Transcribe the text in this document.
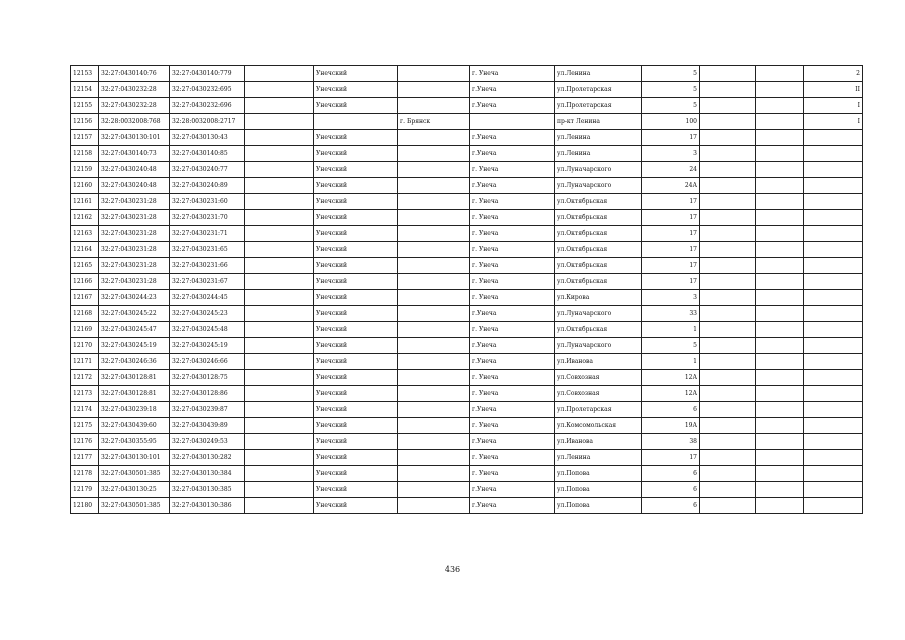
12153	32:27:0430140:76	32:27:0430140:779		Унечский		г. Унеча	ул.Ленина	5			2
12154	32:27:0430232:28	32:27:0430232:695		Унечский		г.Унеча	ул.Пролетарская	5			II
12155	32:27:0430232:28	32:27:0430232:696		Унечский		г.Унеча	ул.Пролетарская	5			I
12156	32:28:0032008:768	32:28:0032008:2717			г. Брянск		пр-кт Ленина	100			I
12157	32:27:0430130:101	32:27:0430130:43		Унечский		г.Унеча	ул.Ленина	17			
12158	32:27:0430140:73	32:27:0430140:85		Унечский		г.Унеча	ул.Ленина	3			
12159	32:27:0430240:48	32:27:0430240:77		Унечский		г. Унеча	ул.Луначарского	24			
12160	32:27:0430240:48	32:27:0430240:89		Унечский		г.Унеча	ул.Луначарского	24А			
12161	32:27:0430231:28	32:27:0430231:60		Унечский		г. Унеча	ул.Октябрьская	17			
12162	32:27:0430231:28	32:27:0430231:70		Унечский		г. Унеча	ул.Октябрьская	17			
12163	32:27:0430231:28	32:27:0430231:71		Унечский		г. Унеча	ул.Октябрьская	17			
12164	32:27:0430231:28	32:27:0430231:65		Унечский		г. Унеча	ул.Октябрьская	17			
12165	32:27:0430231:28	32:27:0430231:66		Унечский		г. Унеча	ул.Октябрьская	17			
12166	32:27:0430231:28	32:27:0430231:67		Унечский		г. Унеча	ул.Октябрьская	17			
12167	32:27:0430244:23	32:27:0430244:45		Унечский		г. Унеча	ул.Кирова	3			
12168	32:27:0430245:22	32:27:0430245:23		Унечский		г.Унеча	ул.Луначарского	33			
12169	32:27:0430245:47	32:27:0430245:48		Унечский		г. Унеча	ул.Октябрьская	1			
12170	32:27:0430245:19	32:27:0430245:19		Унечский		г.Унеча	ул.Луначарского	5			
12171	32:27:0430246:36	32:27:0430246:66		Унечский		г.Унеча	ул.Иванова	1			
12172	32:27:0430128:81	32:27:0430128:75		Унечский		г. Унеча	ул.Совхозная	12А			
12173	32:27:0430128:81	32:27:0430128:86		Унечский		г. Унеча	ул.Совхозная	12А			
12174	32:27:0430239:18	32:27:0430239:87		Унечский		г.Унеча	ул.Пролетарская	6			
12175	32:27:0430439:60	32:27:0430439:89		Унечский		г. Унеча	ул.Комсомольская	19А			
12176	32:27:0430355:95	32:27:0430249:53		Унечский		г.Унеча	ул.Иванова	38			
12177	32:27:0430130:101	32:27:0430130:282		Унечский		г. Унеча	ул.Ленина	17			
12178	32:27:0430501:385	32:27:0430130:384		Унечский		г. Унеча	ул.Попова	6			
12179	32:27:0430130:25	32:27:0430130:385		Унечский		г.Унеча	ул.Попова	6			
12180	32:27:0430501:385	32:27:0430130:386		Унечский		г.Унеча	ул.Попова	6			
436
